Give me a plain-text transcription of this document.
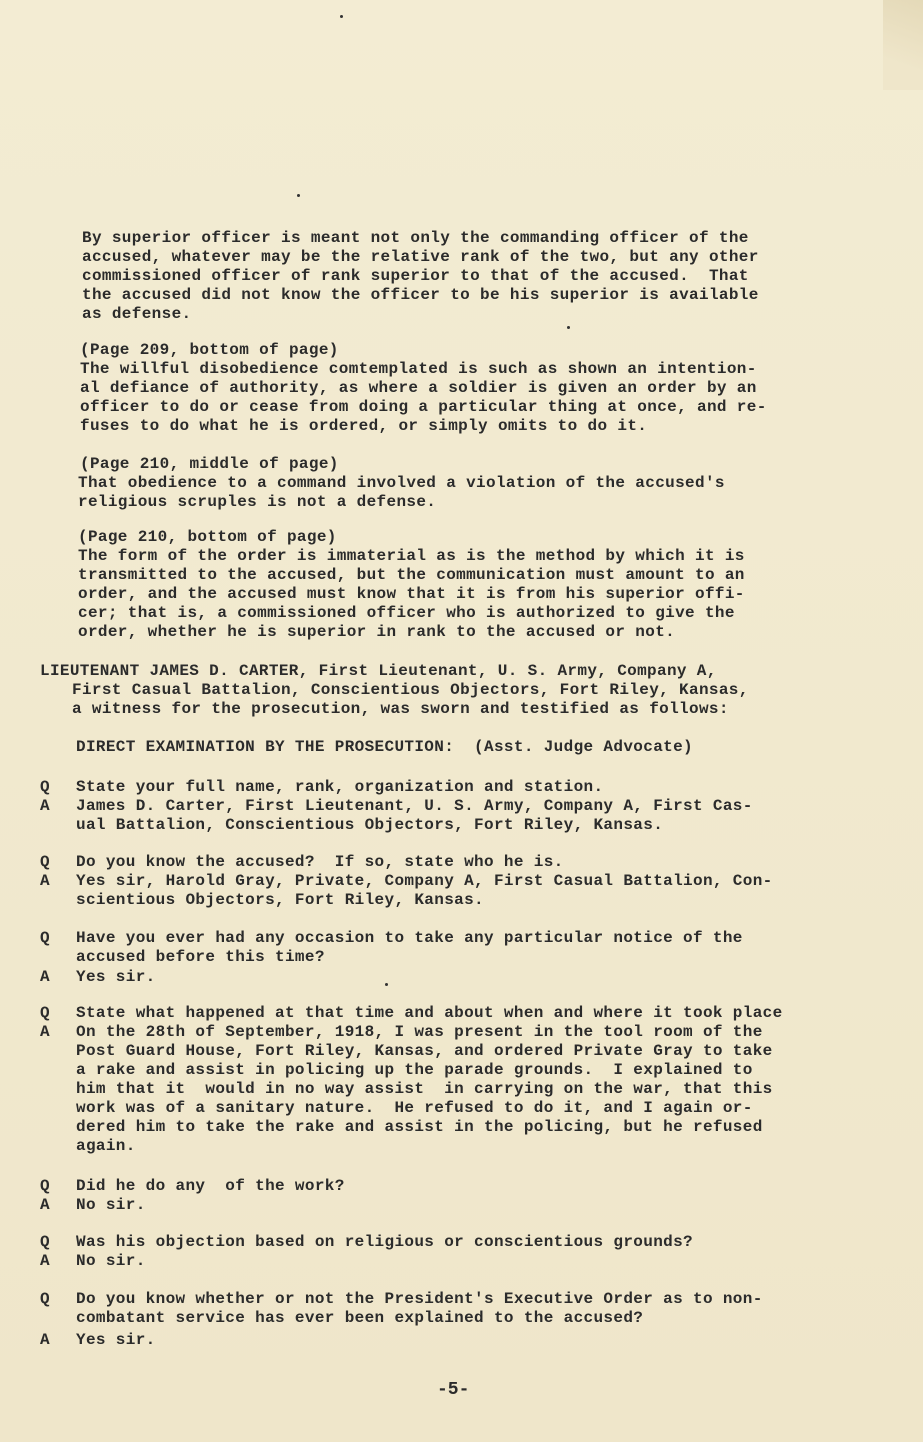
By superior officer is meant not only the commanding officer of the
accused, whatever may be the relative rank of the two, but any other
commissioned officer of rank superior to that of the accused.  That
the accused did not know the officer to be his superior is available
as defense.
(Page 209, bottom of page)
The willful disobedience comtemplated is such as shown an intention-
al defiance of authority, as where a soldier is given an order by an
officer to do or cease from doing a particular thing at once, and re-
fuses to do what he is ordered, or simply omits to do it.
(Page 210, middle of page)
That obedience to a command involved a violation of the accused's
religious scruples is not a defense.
(Page 210, bottom of page)
The form of the order is immaterial as is the method by which it is
transmitted to the accused, but the communication must amount to an
order, and the accused must know that it is from his superior offi-
cer; that is, a commissioned officer who is authorized to give the
order, whether he is superior in rank to the accused or not.
LIEUTENANT JAMES D. CARTER, First Lieutenant, U. S. Army, Company A,
First Casual Battalion, Conscientious Objectors, Fort Riley, Kansas,
a witness for the prosecution, was sworn and testified as follows:
DIRECT EXAMINATION BY THE PROSECUTION:  (Asst. Judge Advocate)
Q State your full name, rank, organization and station.
A James D. Carter, First Lieutenant, U. S. Army, Company A, First Cas-
ual Battalion, Conscientious Objectors, Fort Riley, Kansas.
Q Do you know the accused?  If so, state who he is.
A Yes sir, Harold Gray, Private, Company A, First Casual Battalion, Con-
scientious Objectors, Fort Riley, Kansas.
Q Have you ever had any occasion to take any particular notice of the
accused before this time?
A Yes sir.
Q State what happened at that time and about when and where it took place
A On the 28th of September, 1918, I was present in the tool room of the
Post Guard House, Fort Riley, Kansas, and ordered Private Gray to take
a rake and assist in policing up the parade grounds.  I explained to
him that it  would in no way assist  in carrying on the war, that this
work was of a sanitary nature.  He refused to do it, and I again or-
dered him to take the rake and assist in the policing, but he refused
again.
Q Did he do any  of the work?
A No sir.
Q Was his objection based on religious or conscientious grounds?
A No sir.
Q Do you know whether or not the President's Executive Order as to non-
combatant service has ever been explained to the accused?
A Yes sir.
-5-
